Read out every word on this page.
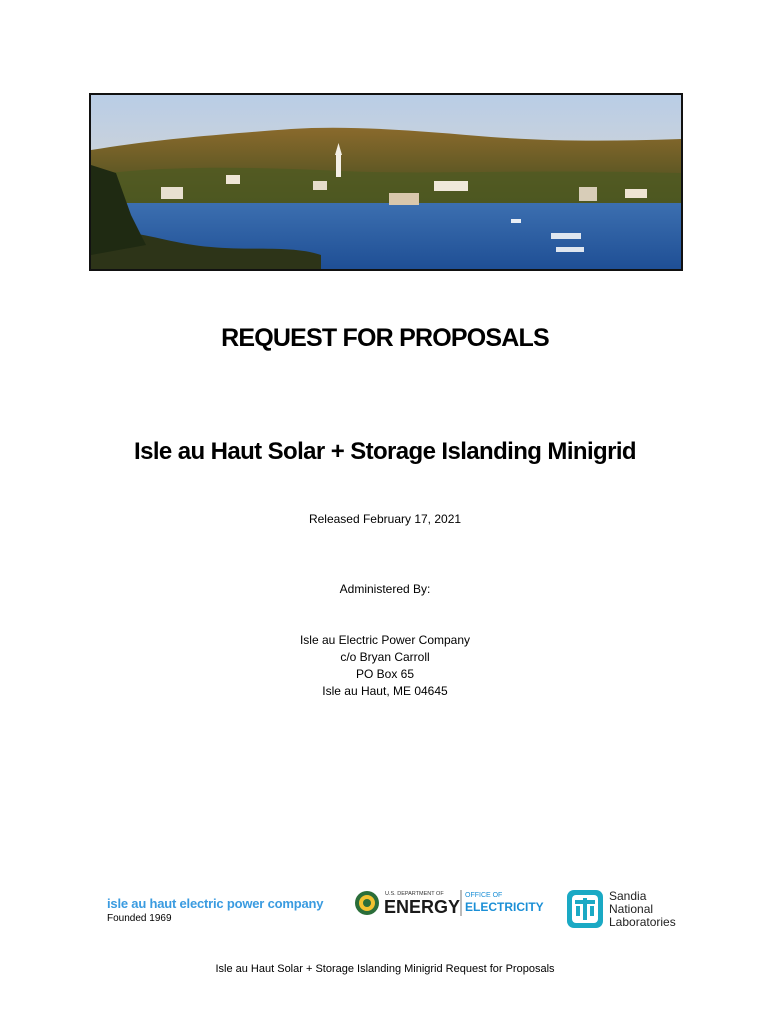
REQUEST FOR PROPOSALS
Isle au Haut Solar + Storage Islanding Minigrid
Released February 17, 2021
Administered By:
Isle au Electric Power Company
c/o Bryan Carroll
PO Box 65
Isle au Haut, ME 04645
isle au haut electric power company
Founded 1969
U.S. DEPARTMENT OF
ENERGY
OFFICE OF
ELECTRICITY
Sandia
National
Laboratories
Isle au Haut Solar + Storage Islanding Minigrid Request for Proposals
